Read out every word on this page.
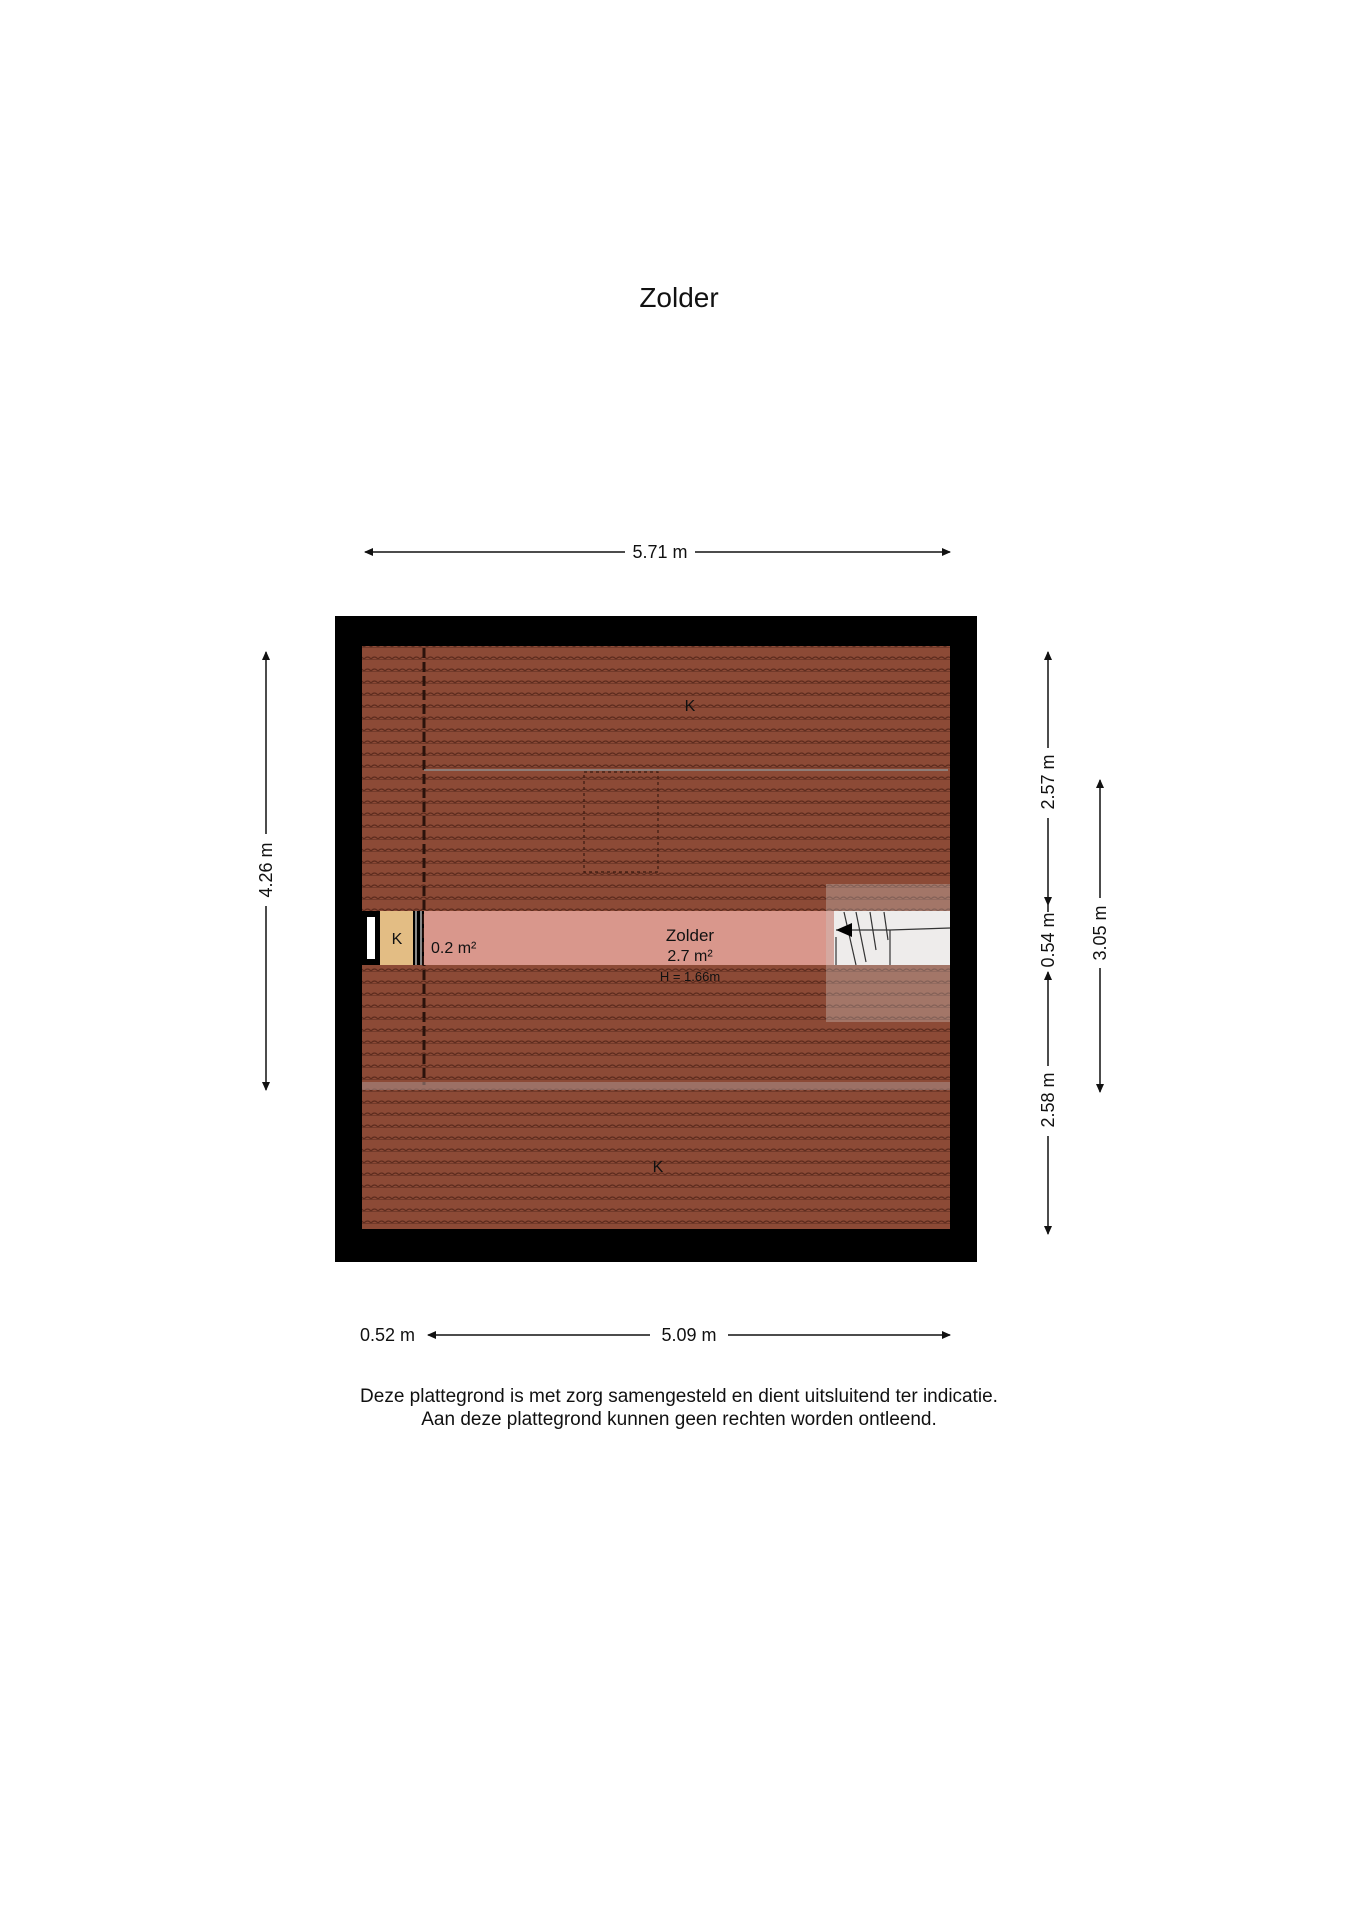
Zolder
K
K
K
0.2 m²
Zolder
2.7 m²
H = 1.66m
5.71 m
4.26 m
2.57 m
0.54 m
2.58 m
3.05 m
0.52 m	5.09 m
Deze plattegrond is met zorg samengesteld en dient uitsluitend ter indicatie.
Aan deze plattegrond kunnen geen rechten worden ontleend.
